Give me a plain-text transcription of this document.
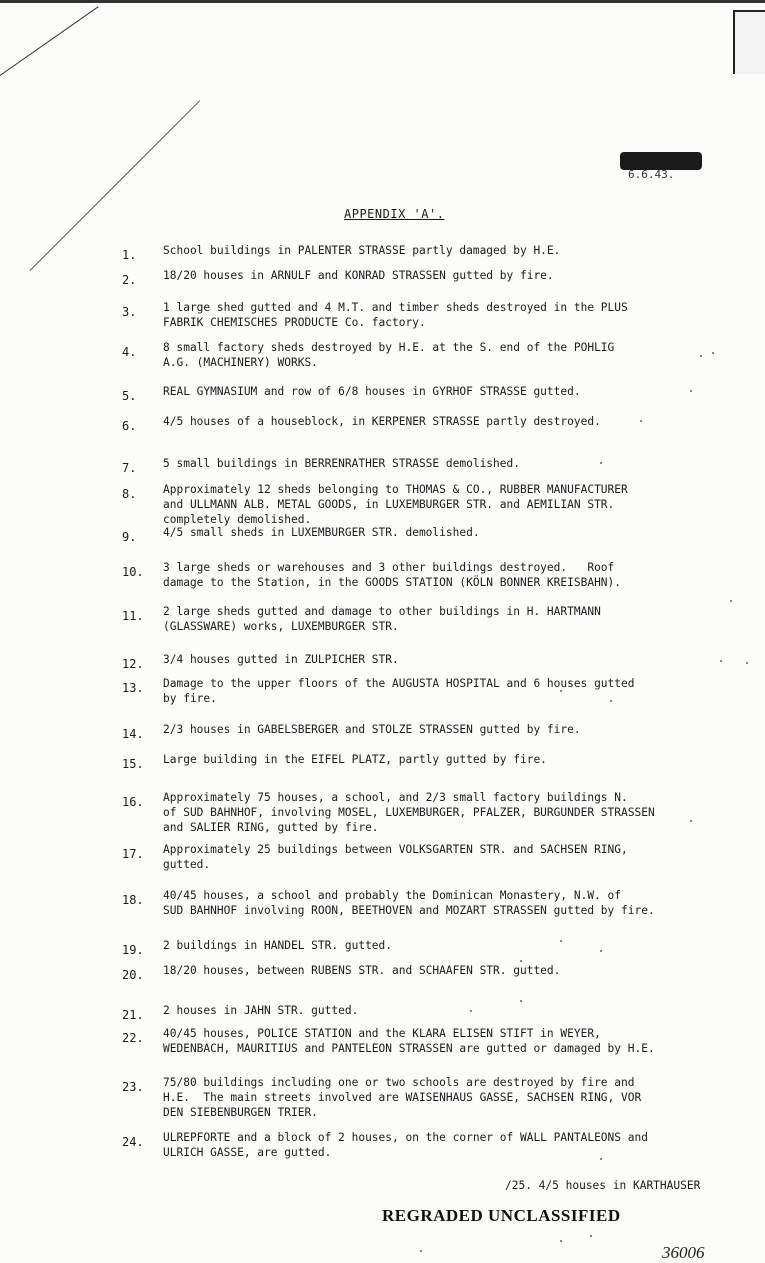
6.6.43.
APPENDIX 'A'.
1.	School buildings in PALENTER STRASSE partly damaged by H.E.
2.	18/20 houses in ARNULF and KONRAD STRASSEN gutted by fire.
3.	1 large shed gutted and 4 M.T. and timber sheds destroyed in the PLUS
FABRIK CHEMISCHES PRODUCTE Co. factory.
4.	8 small factory sheds destroyed by H.E. at the S. end of the POHLIG
A.G. (MACHINERY) WORKS.
5.	REAL GYMNASIUM and row of 6/8 houses in GYRHOF STRASSE gutted.
6.	4/5 houses of a houseblock, in KERPENER STRASSE partly destroyed.
7.	5 small buildings in BERRENRATHER STRASSE demolished.
8.	Approximately 12 sheds belonging to THOMAS & CO., RUBBER MANUFACTURER
and ULLMANN ALB. METAL GOODS, in LUXEMBURGER STR. and AEMILIAN STR.
completely demolished.
9.	4/5 small sheds in LUXEMBURGER STR. demolished.
10.	3 large sheds or warehouses and 3 other buildings destroyed.   Roof
damage to the Station, in the GOODS STATION (KÖLN BONNER KREISBAHN).
11.	2 large sheds gutted and damage to other buildings in H. HARTMANN
(GLASSWARE) works, LUXEMBURGER STR.
12.	3/4 houses gutted in ZULPICHER STR.
13.	Damage to the upper floors of the AUGUSTA HOSPITAL and 6 houses gutted
by fire.
14.	2/3 houses in GABELSBERGER and STOLZE STRASSEN gutted by fire.
15.	Large building in the EIFEL PLATZ, partly gutted by fire.
16.	Approximately 75 houses, a school, and 2/3 small factory buildings N.
of SUD BAHNHOF, involving MOSEL, LUXEMBURGER, PFALZER, BURGUNDER STRASSEN
and SALIER RING, gutted by fire.
17.	Approximately 25 buildings between VOLKSGARTEN STR. and SACHSEN RING,
gutted.
18.	40/45 houses, a school and probably the Dominican Monastery, N.W. of
SUD BAHNHOF involving ROON, BEETHOVEN and MOZART STRASSEN gutted by fire.
19.	2 buildings in HANDEL STR. gutted.
20.	18/20 houses, between RUBENS STR. and SCHAAFEN STR. gutted.
21.	2 houses in JAHN STR. gutted.
22.	40/45 houses, POLICE STATION and the KLARA ELISEN STIFT in WEYER,
WEDENBACH, MAURITIUS and PANTELEON STRASSEN are gutted or damaged by H.E.
23.	75/80 buildings including one or two schools are destroyed by fire and
H.E.  The main streets involved are WAISENHAUS GASSE, SACHSEN RING, VOR
DEN SIEBENBURGEN TRIER.
24.	ULREPFORTE and a block of 2 houses, on the corner of WALL PANTALEONS and
ULRICH GASSE, are gutted.
/25. 4/5 houses in KARTHAUSER
REGRADED UNCLASSIFIED
36006
